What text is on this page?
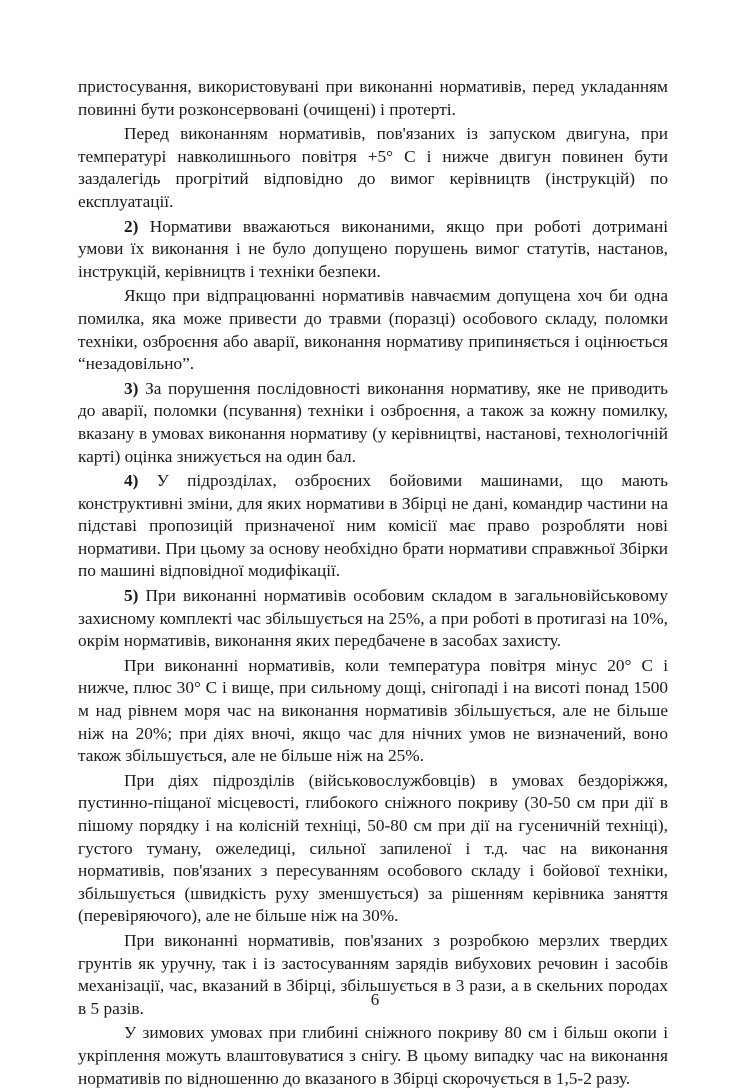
пристосування, використовувані при виконанні нормативів, перед укладанням повинні бути розконсервовані (очищені) і протерті.

Перед виконанням нормативів, пов'язаних із запуском двигуна, при температурі навколишнього повітря +5° С і нижче двигун повинен бути заздалегідь прогрітий відповідно до вимог керівництв (інструкцій) по експлуатації.

2) Нормативи вважаються виконаними, якщо при роботі дотримані умови їх виконання і не було допущено порушень вимог статутів, настанов, інструкцій, керівництв і техніки безпеки.

Якщо при відпрацюванні нормативів навчаємим допущена хоч би одна помилка, яка може привести до травми (поразці) особового складу, поломки техніки, озброєння або аварії, виконання нормативу припиняється і оцінюється “незадовільно”.

3) За порушення послідовності виконання нормативу, яке не приводить до аварії, поломки (псування) техніки і озброєння, а також за кожну помилку, вказану в умовах виконання нормативу (у керівництві, настанові, технологічній карті) оцінка знижується на один бал.

4) У підрозділах, озброєних бойовими машинами, що мають конструктивні зміни, для яких нормативи в Збірці не дані, командир частини на підставі пропозицій призначеної ним комісії має право розробляти нові нормативи. При цьому за основу необхідно брати нормативи справжньої Збірки по машині відповідної модифікації.

5) При виконанні нормативів особовим складом в загальновійськовому захисному комплекті час збільшується на 25%, а при роботі в протигазі на 10%, окрім нормативів, виконання яких передбачене в засобах захисту.

При виконанні нормативів, коли температура повітря мінус 20° С і нижче, плюс 30° С і вище, при сильному дощі, снігопаді і на висоті понад 1500 м над рівнем моря час на виконання нормативів збільшується, але не більше ніж на 20%; при діях вночі, якщо час для нічних умов не визначений, воно також збільшується, але не більше ніж на 25%.

При діях підрозділів (військовослужбовців) в умовах бездоріжжя, пустинно-піщаної місцевості, глибокого сніжного покриву (30-50 см при дії в пішому порядку і на колісній техніці, 50-80 см при дії на гусеничній техніці), густого туману, ожеледиці, сильної запиленої і т.д. час на виконання нормативів, пов'язаних з пересуванням особового складу і бойової техніки, збільшується (швидкість руху зменшується) за рішенням керівника заняття (перевіряючого), але не більше ніж на 30%.

При виконанні нормативів, пов'язаних з розробкою мерзлих твердих грунтів як уручну, так і із застосуванням зарядів вибухових речовин і засобів механізації, час, вказаний в Збірці, збільшується в 3 рази, а в скельних породах в 5 разів.

У зимових умовах при глибині сніжного покриву 80 см і більш окопи і укріплення можуть влаштовуватися з снігу. В цьому випадку час на виконання нормативів по відношенню до вказаного в Збірці скорочується в 1,5-2 разу.

6
